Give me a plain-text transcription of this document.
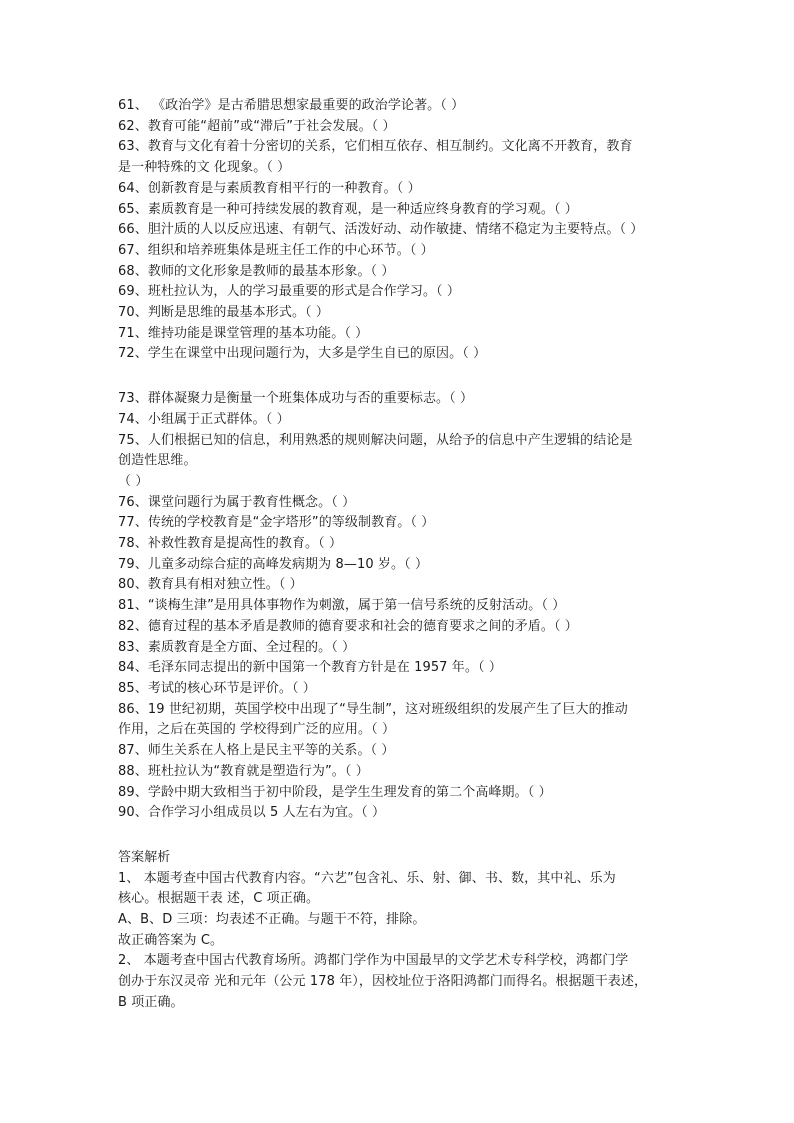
61、 《政治学》是古希腊思想家最重要的政治学论著。（ ）

62、教育可能“超前”或“滞后”于社会发展。（ ）

63、教育与文化有着十分密切的关系，它们相互依存、相互制约。文化离不开教育，教育

是一种特殊的文 化现象。（ ）

64、创新教育是与素质教育相平行的一种教育。（ ）

65、素质教育是一种可持续发展的教育观，是一种适应终身教育的学习观。（ ）

66、胆汁质的人以反应迅速、有朝气、活泼好动、动作敏捷、情绪不稳定为主要特点。（ ）

67、组织和培养班集体是班主任工作的中心环节。（ ）

68、教师的文化形象是教师的最基本形象。（ ）

69、班杜拉认为，人的学习最重要的形式是合作学习。（ ）

70、判断是思维的最基本形式。（ ）

71、维持功能是课堂管理的基本功能。（ ）

72、学生在课堂中出现问题行为，大多是学生自已的原因。（ ）

73、群体凝聚力是衡量一个班集体成功与否的重要标志。（ ）

74、小组属于正式群体。（ ）

75、人们根据已知的信息，利用熟悉的规则解决问题，从给予的信息中产生逻辑的结论是

创造性思维。

（ ）

76、课堂问题行为属于教育性概念。（ ）

77、传统的学校教育是“金字塔形”的等级制教育。（ ）

78、补救性教育是提高性的教育。（ ）

79、儿童多动综合症的高峰发病期为 8—10 岁。（ ）

80、教育具有相对独立性。（ ）

81、“谈梅生津”是用具体事物作为刺激，属于第一信号系统的反射活动。（ ）

82、德育过程的基本矛盾是教师的德育要求和社会的德育要求之间的矛盾。（ ）

83、素质教育是全方面、全过程的。（ ）

84、毛泽东同志提出的新中国第一个教育方针是在 1957 年。（ ）

85、考试的核心环节是评价。（ ）

86、19 世纪初期，英国学校中出现了“导生制”，这对班级组织的发展产生了巨大的推动

作用，之后在英国的 学校得到广泛的应用。（ ）

87、师生关系在人格上是民主平等的关系。（ ）

88、班杜拉认为“教育就是塑造行为”。（ ）

89、学龄中期大致相当于初中阶段，是学生生理发育的第二个高峰期。（ ）

90、合作学习小组成员以 5 人左右为宜。（ ）

答案解析

1、 本题考查中国古代教育内容。“六艺”包含礼、乐、射、御、书、数，其中礼、乐为

核心。根据题干表 述，C 项正确。

A、B、D 三项：均表述不正确。与题干不符，排除。

故正确答案为 C。

2、 本题考查中国古代教育场所。鸿都门学作为中国最早的文学艺术专科学校，鸿都门学

创办于东汉灵帝 光和元年（公元 178 年），因校址位于洛阳鸿都门而得名。根据题干表述，

B 项正确。
